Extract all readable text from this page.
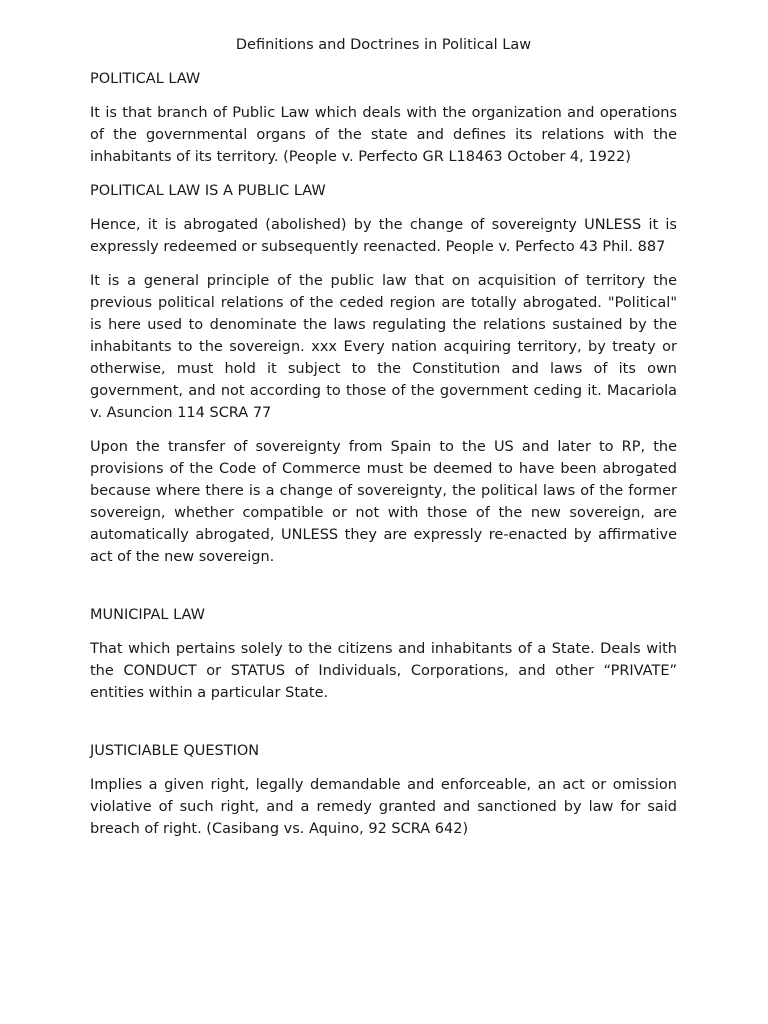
Definitions and Doctrines in Political Law
POLITICAL LAW

It is that branch of Public Law which deals with the organization and operations of the governmental organs of the state and defines its relations with the inhabitants of its territory. (People v. Perfecto GR L18463 October 4, 1922)

POLITICAL LAW IS A PUBLIC LAW

Hence, it is abrogated (abolished) by the change of sovereignty UNLESS it is expressly redeemed or subsequently reenacted. People v. Perfecto 43 Phil. 887

It is a general principle of the public law that on acquisition of territory the previous political relations of the ceded region are totally abrogated. "Political" is here used to denominate the laws regulating the relations sustained by the inhabitants to the sovereign. xxx Every nation acquiring territory, by treaty or otherwise, must hold it subject to the Constitution and laws of its own government, and not according to those of the government ceding it. Macariola v. Asuncion 114 SCRA 77

Upon the transfer of sovereignty from Spain to the US and later to RP, the provisions of the Code of Commerce must be deemed to have been abrogated because where there is a change of sovereignty, the political laws of the former sovereign, whether compatible or not with those of the new sovereign, are automatically abrogated, UNLESS they are expressly re-enacted by affirmative act of the new sovereign.

MUNICIPAL LAW

That which pertains solely to the citizens and inhabitants of a State. Deals with the CONDUCT or STATUS of Individuals, Corporations, and other “PRIVATE” entities within a particular State.

JUSTICIABLE QUESTION

Implies a given right, legally demandable and enforceable, an act or omission violative of such right, and a remedy granted and sanctioned by law for said breach of right. (Casibang vs. Aquino, 92 SCRA 642)
